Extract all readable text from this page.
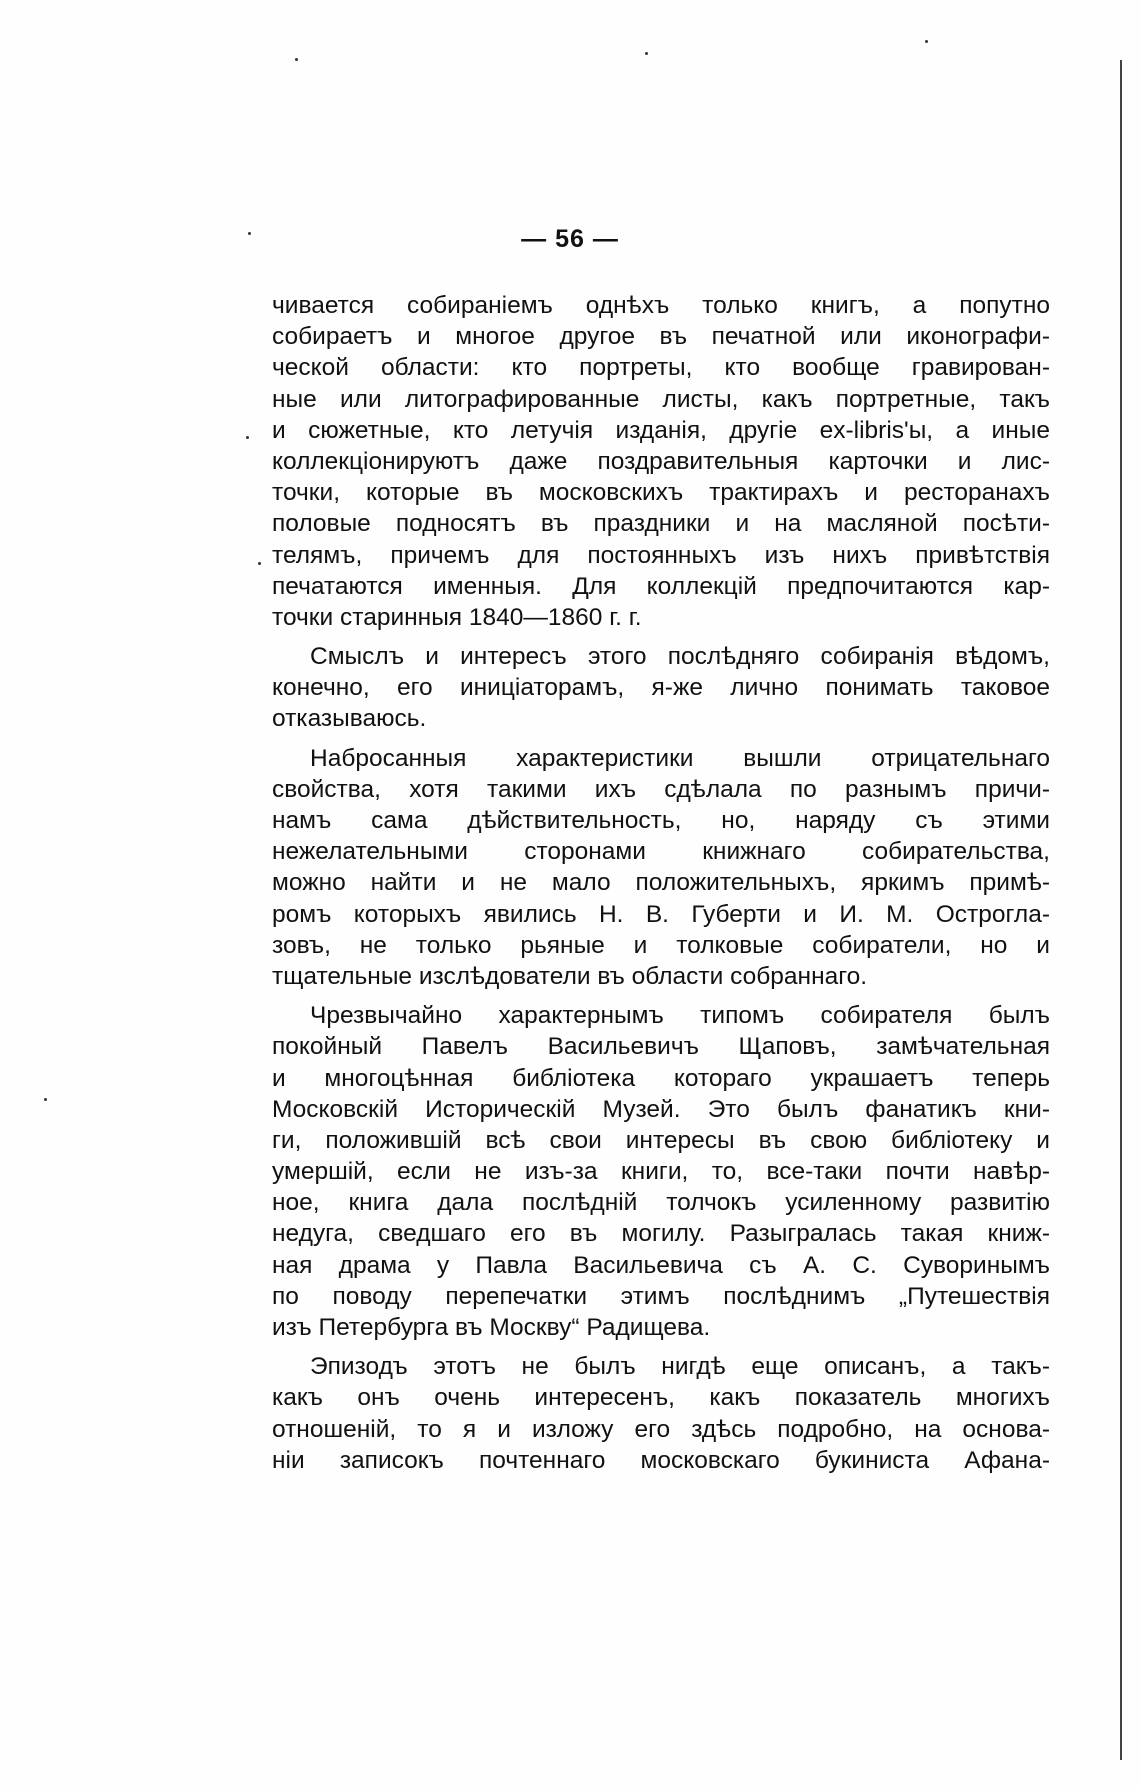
— 56 —
чивается собираніемъ однѣхъ только книгъ, а попутно
собираетъ и многое другое въ печатной или иконографи-
ческой области: кто портреты, кто вообще гравирован-
ные или литографированные листы, какъ портретные, такъ
и сюжетные, кто летучія изданія, другіе ex-libris'ы, а иные
коллекціонируютъ даже поздравительныя карточки и лис-
точки, которые въ московскихъ трактирахъ и ресторанахъ
половые подносятъ въ праздники и на масляной посѣти-
телямъ, причемъ для постоянныхъ изъ нихъ привѣтствія
печатаются именныя. Для коллекцій предпочитаются кар-
точки старинныя 1840—1860 г. г.
Смыслъ и интересъ этого послѣдняго собиранія вѣдомъ,
конечно, его иниціаторамъ, я-же лично понимать таковое
отказываюсь.
Набросанныя характеристики вышли отрицательнаго
свойства, хотя такими ихъ сдѣлала по разнымъ причи-
намъ сама дѣйствительность, но, наряду съ этими
нежелательными сторонами книжнаго собирательства,
можно найти и не мало положительныхъ, яркимъ примѣ-
ромъ которыхъ явились Н. В. Губерти и И. М. Остроглa-
зовъ, не только рьяные и толковые собиратели, но и
тщательные изслѣдователи въ области собраннаго.
Чрезвычайно характернымъ типомъ собирателя былъ
покойный Павелъ Васильевичъ Щаповъ, замѣчательная
и многоцѣнная библіотека котораго украшаетъ теперь
Московскій Историческій Музей. Это былъ фанатикъ кни-
ги, положившій всѣ свои интересы въ свою библіотеку и
умершій, если не изъ-за книги, то, все-таки почти навѣр-
ное, книга дала послѣдній толчокъ усиленному развитію
недуга, сведшаго его въ могилу. Разыгралась такая книж-
ная драма у Павла Васильевича съ А. С. Суворинымъ
по поводу перепечатки этимъ послѣднимъ „Путешествія
изъ Петербурга въ Москву“ Радищева.
Эпизодъ этотъ не былъ нигдѣ еще описанъ, а такъ-
какъ онъ очень интересенъ, какъ показатель многихъ
отношеній, то я и изложу его здѣсь подробно, на основа-
ніи записокъ почтеннаго московскаго букиниста Афана-
